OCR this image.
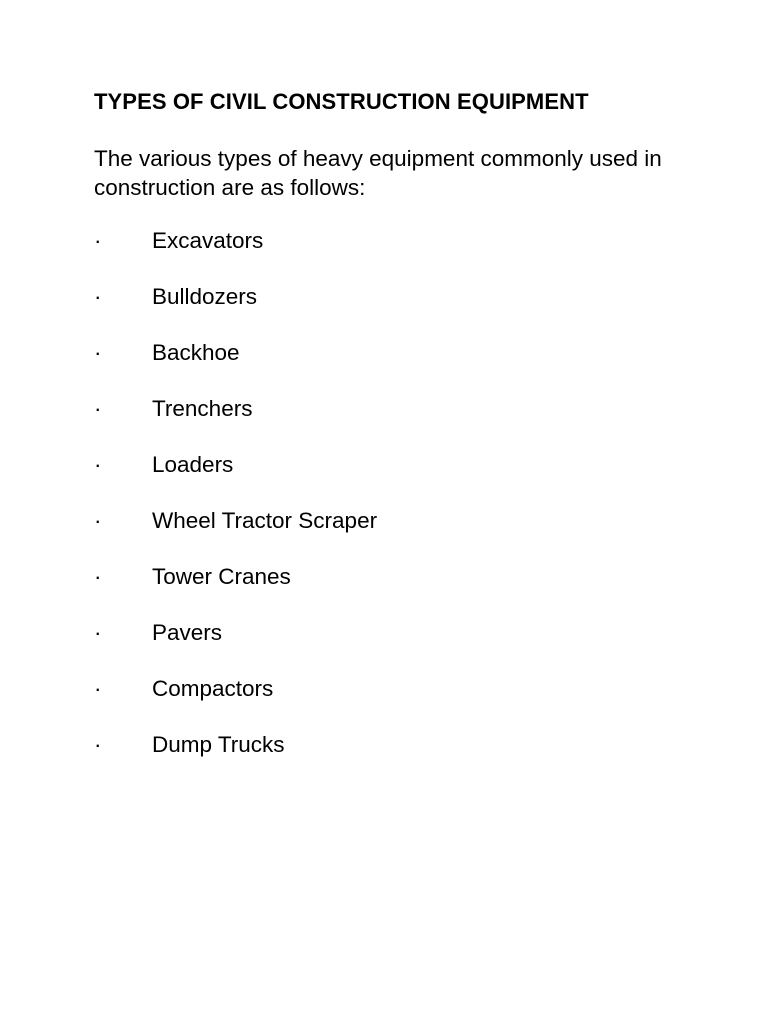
TYPES OF CIVIL CONSTRUCTION EQUIPMENT

The various types of heavy equipment commonly used in construction are as follows:

· Excavators
· Bulldozers
· Backhoe
· Trenchers
· Loaders
· Wheel Tractor Scraper
· Tower Cranes
· Pavers
· Compactors
· Dump Trucks
